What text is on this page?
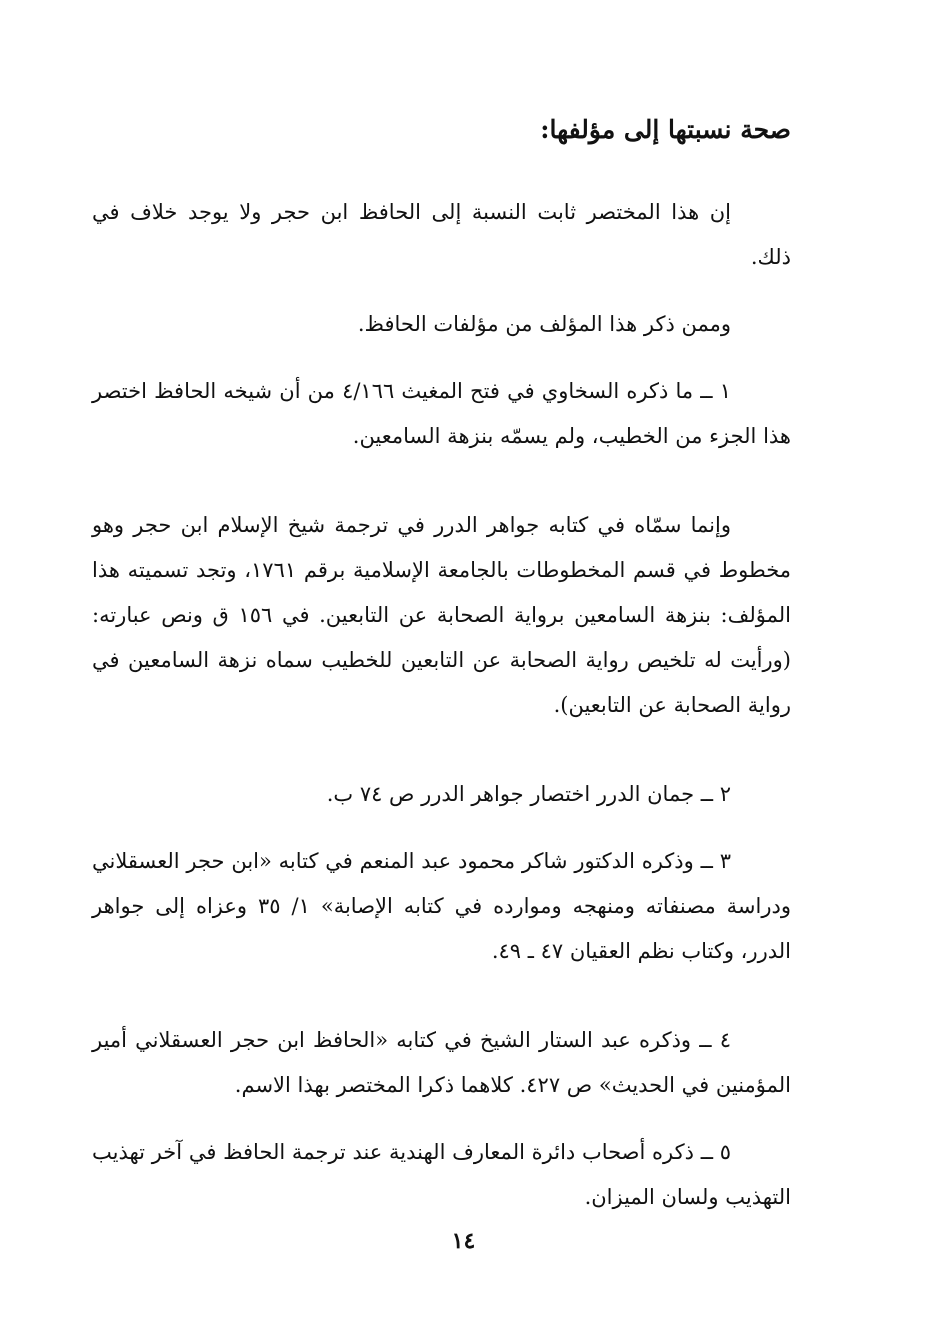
صحة نسبتها إلى مؤلفها:

إن هذا المختصر ثابت النسبة إلى الحافظ ابن حجر ولا يوجد خلاف في ذلك.

وممن ذكر هذا المؤلف من مؤلفات الحافظ.

١ ــ ما ذكره السخاوي في فتح المغيث ٤/١٦٦ من أن شيخه الحافظ اختصر هذا الجزء من الخطيب، ولم يسمّه بنزهة السامعين.

وإنما سمّاه في كتابه جواهر الدرر في ترجمة شيخ الإسلام ابن حجر وهو مخطوط في قسم المخطوطات بالجامعة الإسلامية برقم ١٧٦١، وتجد تسميته هذا المؤلف: بنزهة السامعين برواية الصحابة عن التابعين. في ١٥٦ ق ونص عبارته: (ورأيت له تلخيص رواية الصحابة عن التابعين للخطيب سماه نزهة السامعين في رواية الصحابة عن التابعين).

٢ ــ جمان الدرر اختصار جواهر الدرر ص ٧٤ ب.

٣ ــ وذكره الدكتور شاكر محمود عبد المنعم في كتابه «ابن حجر العسقلاني ودراسة مصنفاته ومنهجه وموارده في كتابه الإصابة» ١/ ٣٥ وعزاه إلى جواهر الدرر، وكتاب نظم العقيان ٤٧ ـ ٤٩.

٤ ــ وذكره عبد الستار الشيخ في كتابه «الحافظ ابن حجر العسقلاني أمير المؤمنين في الحديث» ص ٤٢٧. كلاهما ذكرا المختصر بهذا الاسم.

٥ ــ ذكره أصحاب دائرة المعارف الهندية عند ترجمة الحافظ في آخر تهذيب التهذيب ولسان الميزان.

١٤
